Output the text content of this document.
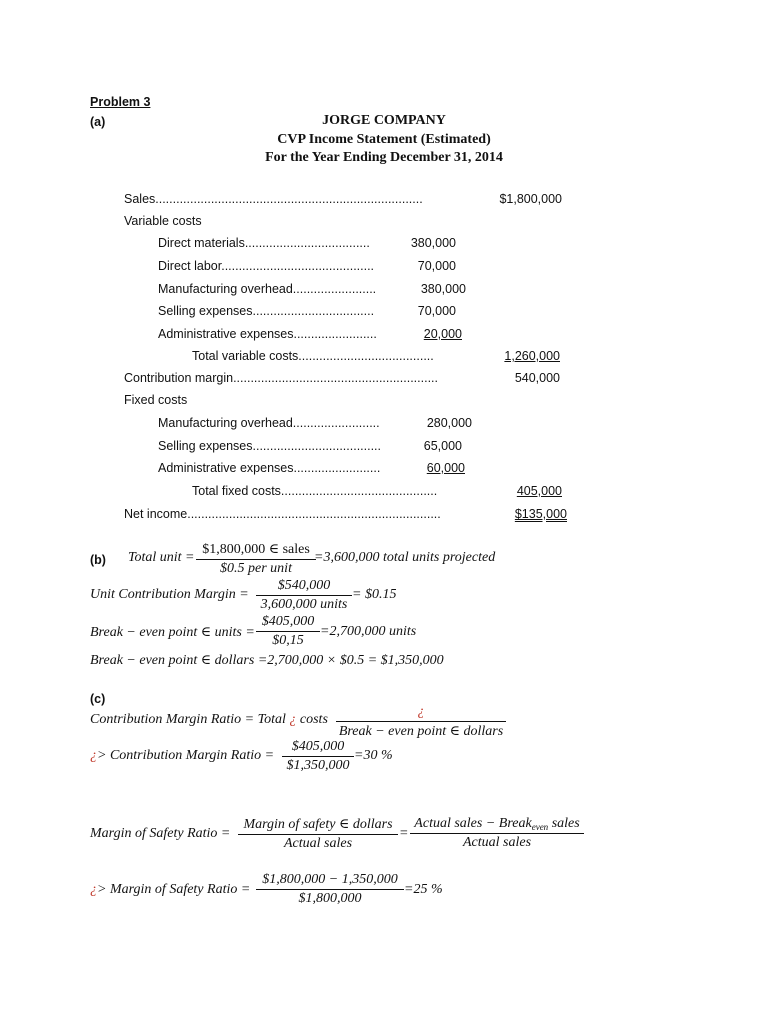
Problem 3
(a)	JORGE COMPANY
CVP Income Statement (Estimated)
For the Year Ending December 31, 2014
Sales.............................................................................	$1,800,000
Variable costs
Direct materials....................................	380,000
Direct labor............................................	70,000
Manufacturing overhead........................	380,000
Selling expenses...................................	70,000
Administrative expenses........................	20,000
Total variable costs.......................................	1,260,000
Contribution margin...........................................................	540,000
Fixed costs
Manufacturing overhead.........................	280,000
Selling expenses.....................................	65,000
Administrative expenses.........................	60,000
Total fixed costs.............................................	405,000
Net income.........................................................................	$135,000
(b) Total unit =
$1,800,000 ∈ sales
$0.5 per unit
=3,600,000 total units projected
Unit Contribution Margin =
$540,000
3,600,000 units
= $0.15
Break − even point ∈ units =
$405,000
$0,15
=2,700,000 units
Break − even point ∈ dollars =2,700,000 × $0.5 = $1,350,000
(c)
Contribution Margin Ratio = Total ¿ costs
¿
Break − even point ∈ dollars
¿> Contribution Margin Ratio =
$405,000
$1,350,000
=30 %
Margin of Safety Ratio =
Margin of safety ∈ dollars
Actual sales
=
Actual sales − Break$_{even}$ sales
Actual sales
¿> Margin of Safety Ratio =
$1,800,000 − 1,350,000
$1,800,000
=25 %
